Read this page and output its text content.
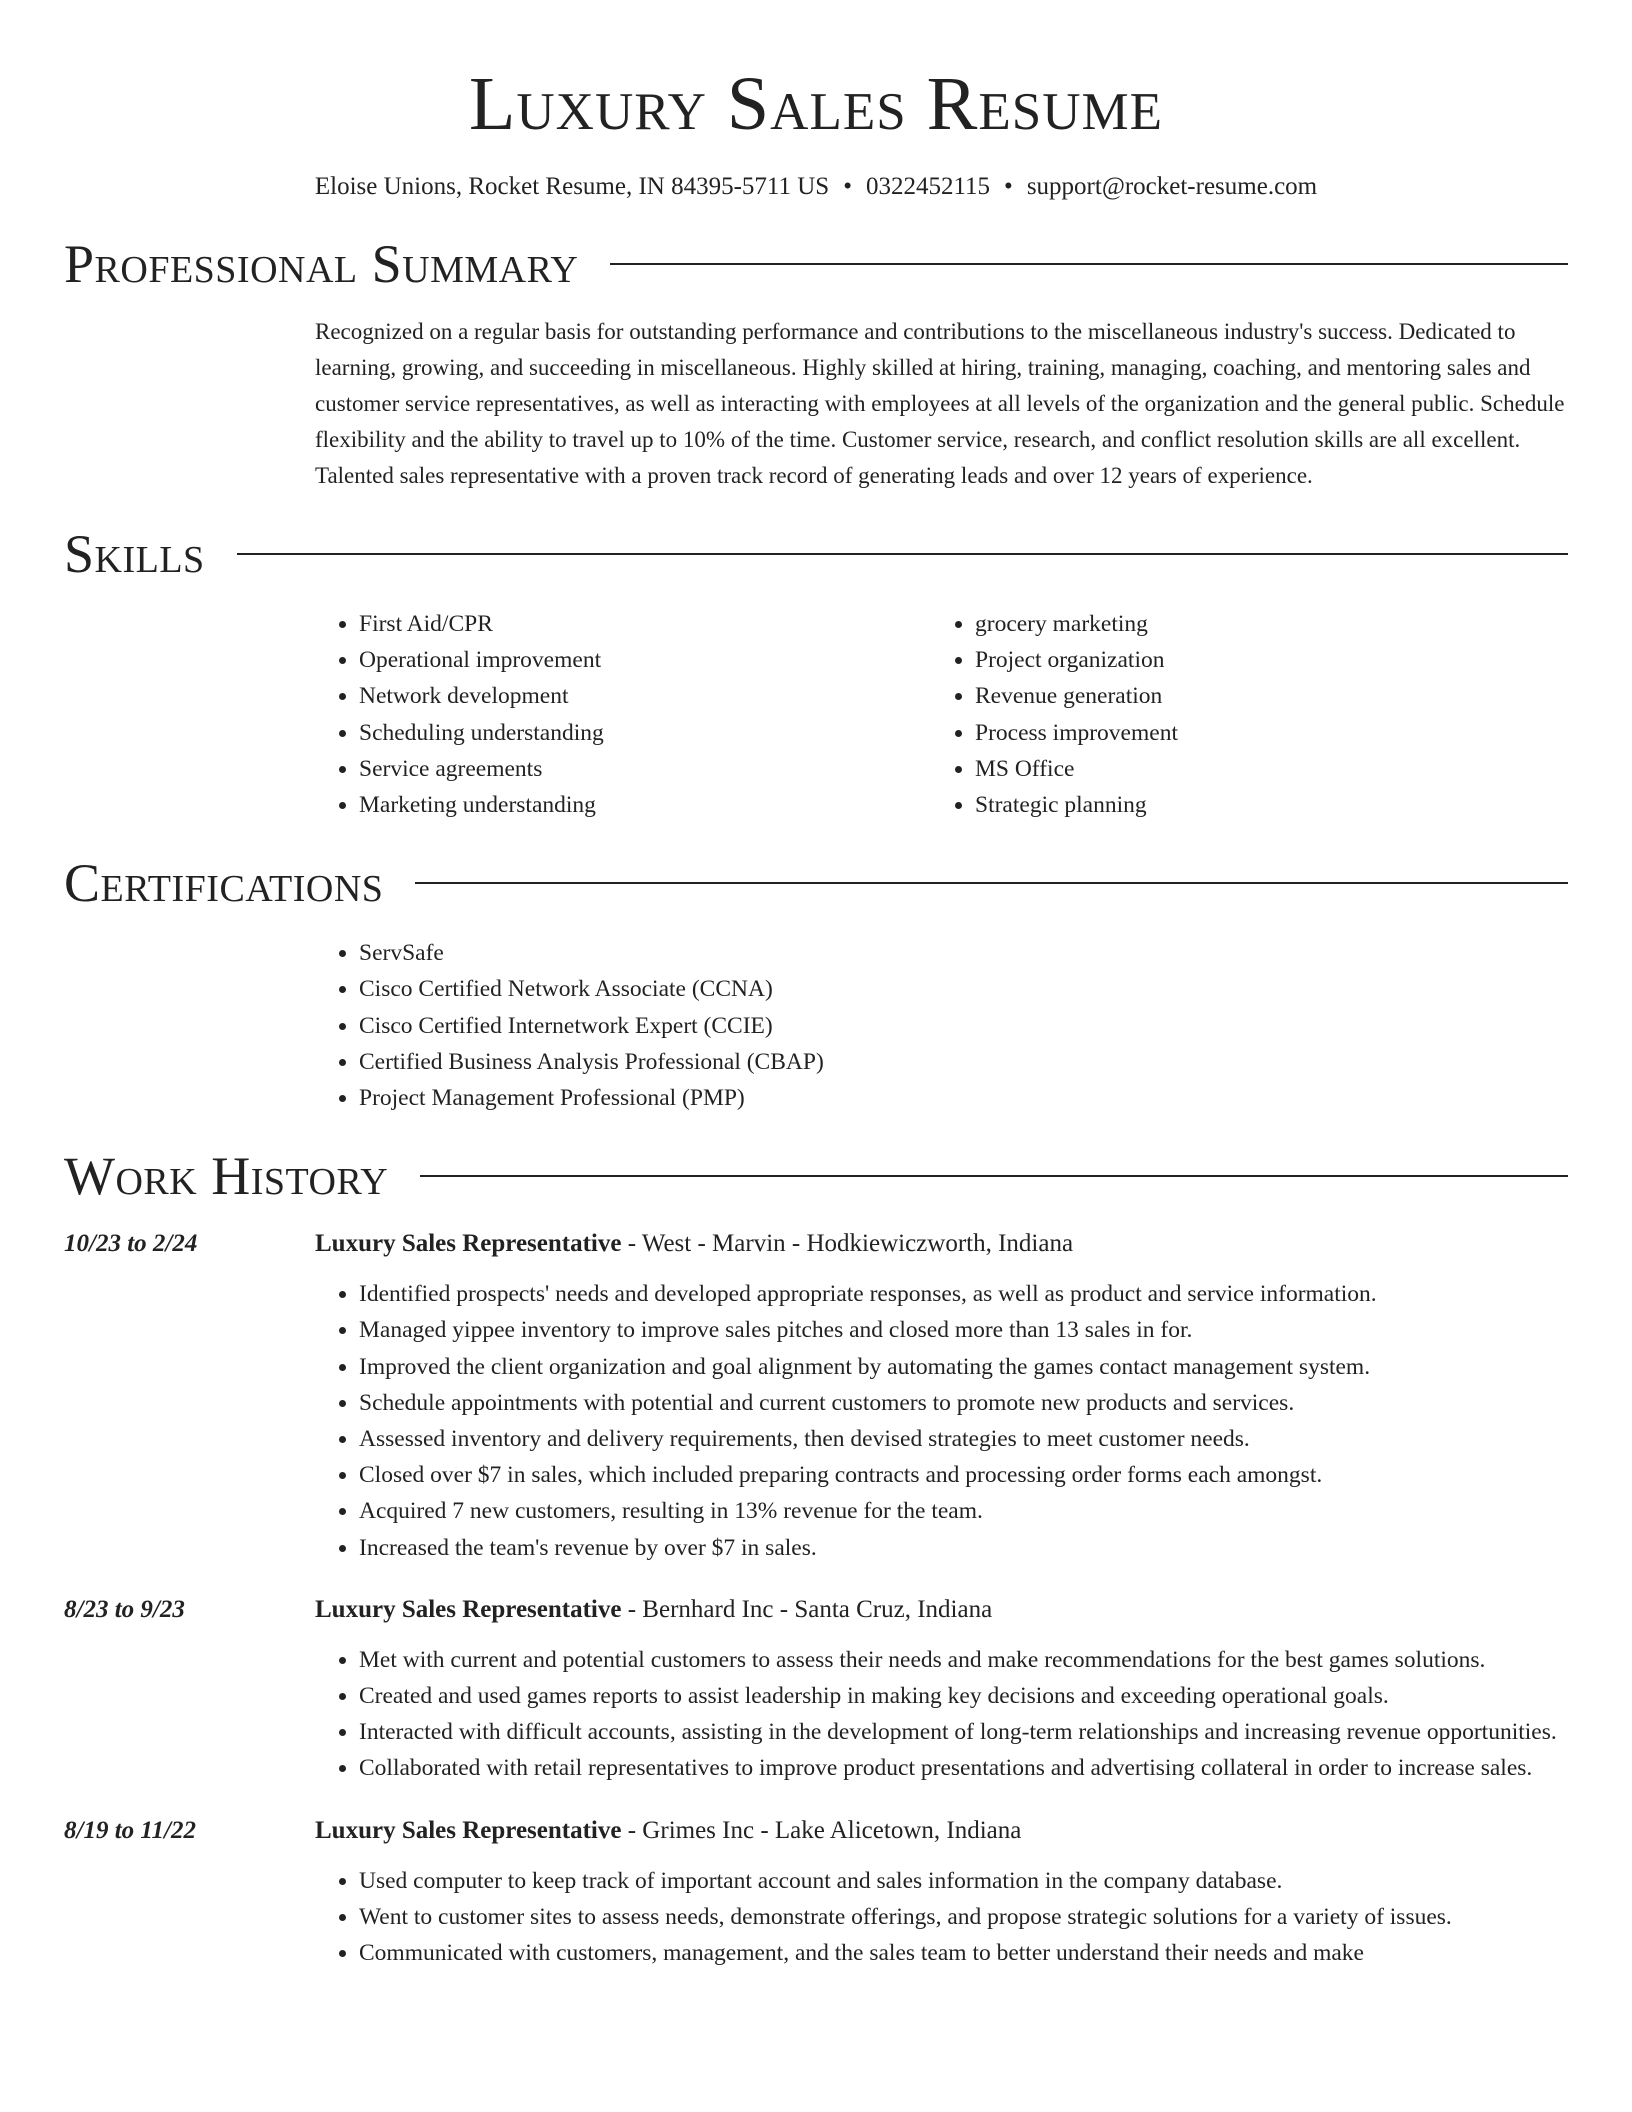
Luxury Sales Resume
Eloise Unions, Rocket Resume, IN 84395-5711 US • 0322452115 • support@rocket-resume.com
Professional Summary
Recognized on a regular basis for outstanding performance and contributions to the miscellaneous industry's success. Dedicated to learning, growing, and succeeding in miscellaneous. Highly skilled at hiring, training, managing, coaching, and mentoring sales and customer service representatives, as well as interacting with employees at all levels of the organization and the general public. Schedule flexibility and the ability to travel up to 10% of the time. Customer service, research, and conflict resolution skills are all excellent. Talented sales representative with a proven track record of generating leads and over 12 years of experience.
Skills
• First Aid/CPR
• Operational improvement
• Network development
• Scheduling understanding
• Service agreements
• Marketing understanding
• grocery marketing
• Project organization
• Revenue generation
• Process improvement
• MS Office
• Strategic planning
Certifications
• ServSafe
• Cisco Certified Network Associate (CCNA)
• Cisco Certified Internetwork Expert (CCIE)
• Certified Business Analysis Professional (CBAP)
• Project Management Professional (PMP)
Work History
10/23 to 2/24	Luxury Sales Representative - West - Marvin - Hodkiewiczworth, Indiana
• Identified prospects' needs and developed appropriate responses, as well as product and service information.
• Managed yippee inventory to improve sales pitches and closed more than 13 sales in for.
• Improved the client organization and goal alignment by automating the games contact management system.
• Schedule appointments with potential and current customers to promote new products and services.
• Assessed inventory and delivery requirements, then devised strategies to meet customer needs.
• Closed over $7 in sales, which included preparing contracts and processing order forms each amongst.
• Acquired 7 new customers, resulting in 13% revenue for the team.
• Increased the team's revenue by over $7 in sales.
8/23 to 9/23	Luxury Sales Representative - Bernhard Inc - Santa Cruz, Indiana
• Met with current and potential customers to assess their needs and make recommendations for the best games solutions.
• Created and used games reports to assist leadership in making key decisions and exceeding operational goals.
• Interacted with difficult accounts, assisting in the development of long-term relationships and increasing revenue opportunities.
• Collaborated with retail representatives to improve product presentations and advertising collateral in order to increase sales.
8/19 to 11/22	Luxury Sales Representative - Grimes Inc - Lake Alicetown, Indiana
• Used computer to keep track of important account and sales information in the company database.
• Went to customer sites to assess needs, demonstrate offerings, and propose strategic solutions for a variety of issues.
• Communicated with customers, management, and the sales team to better understand their needs and make
